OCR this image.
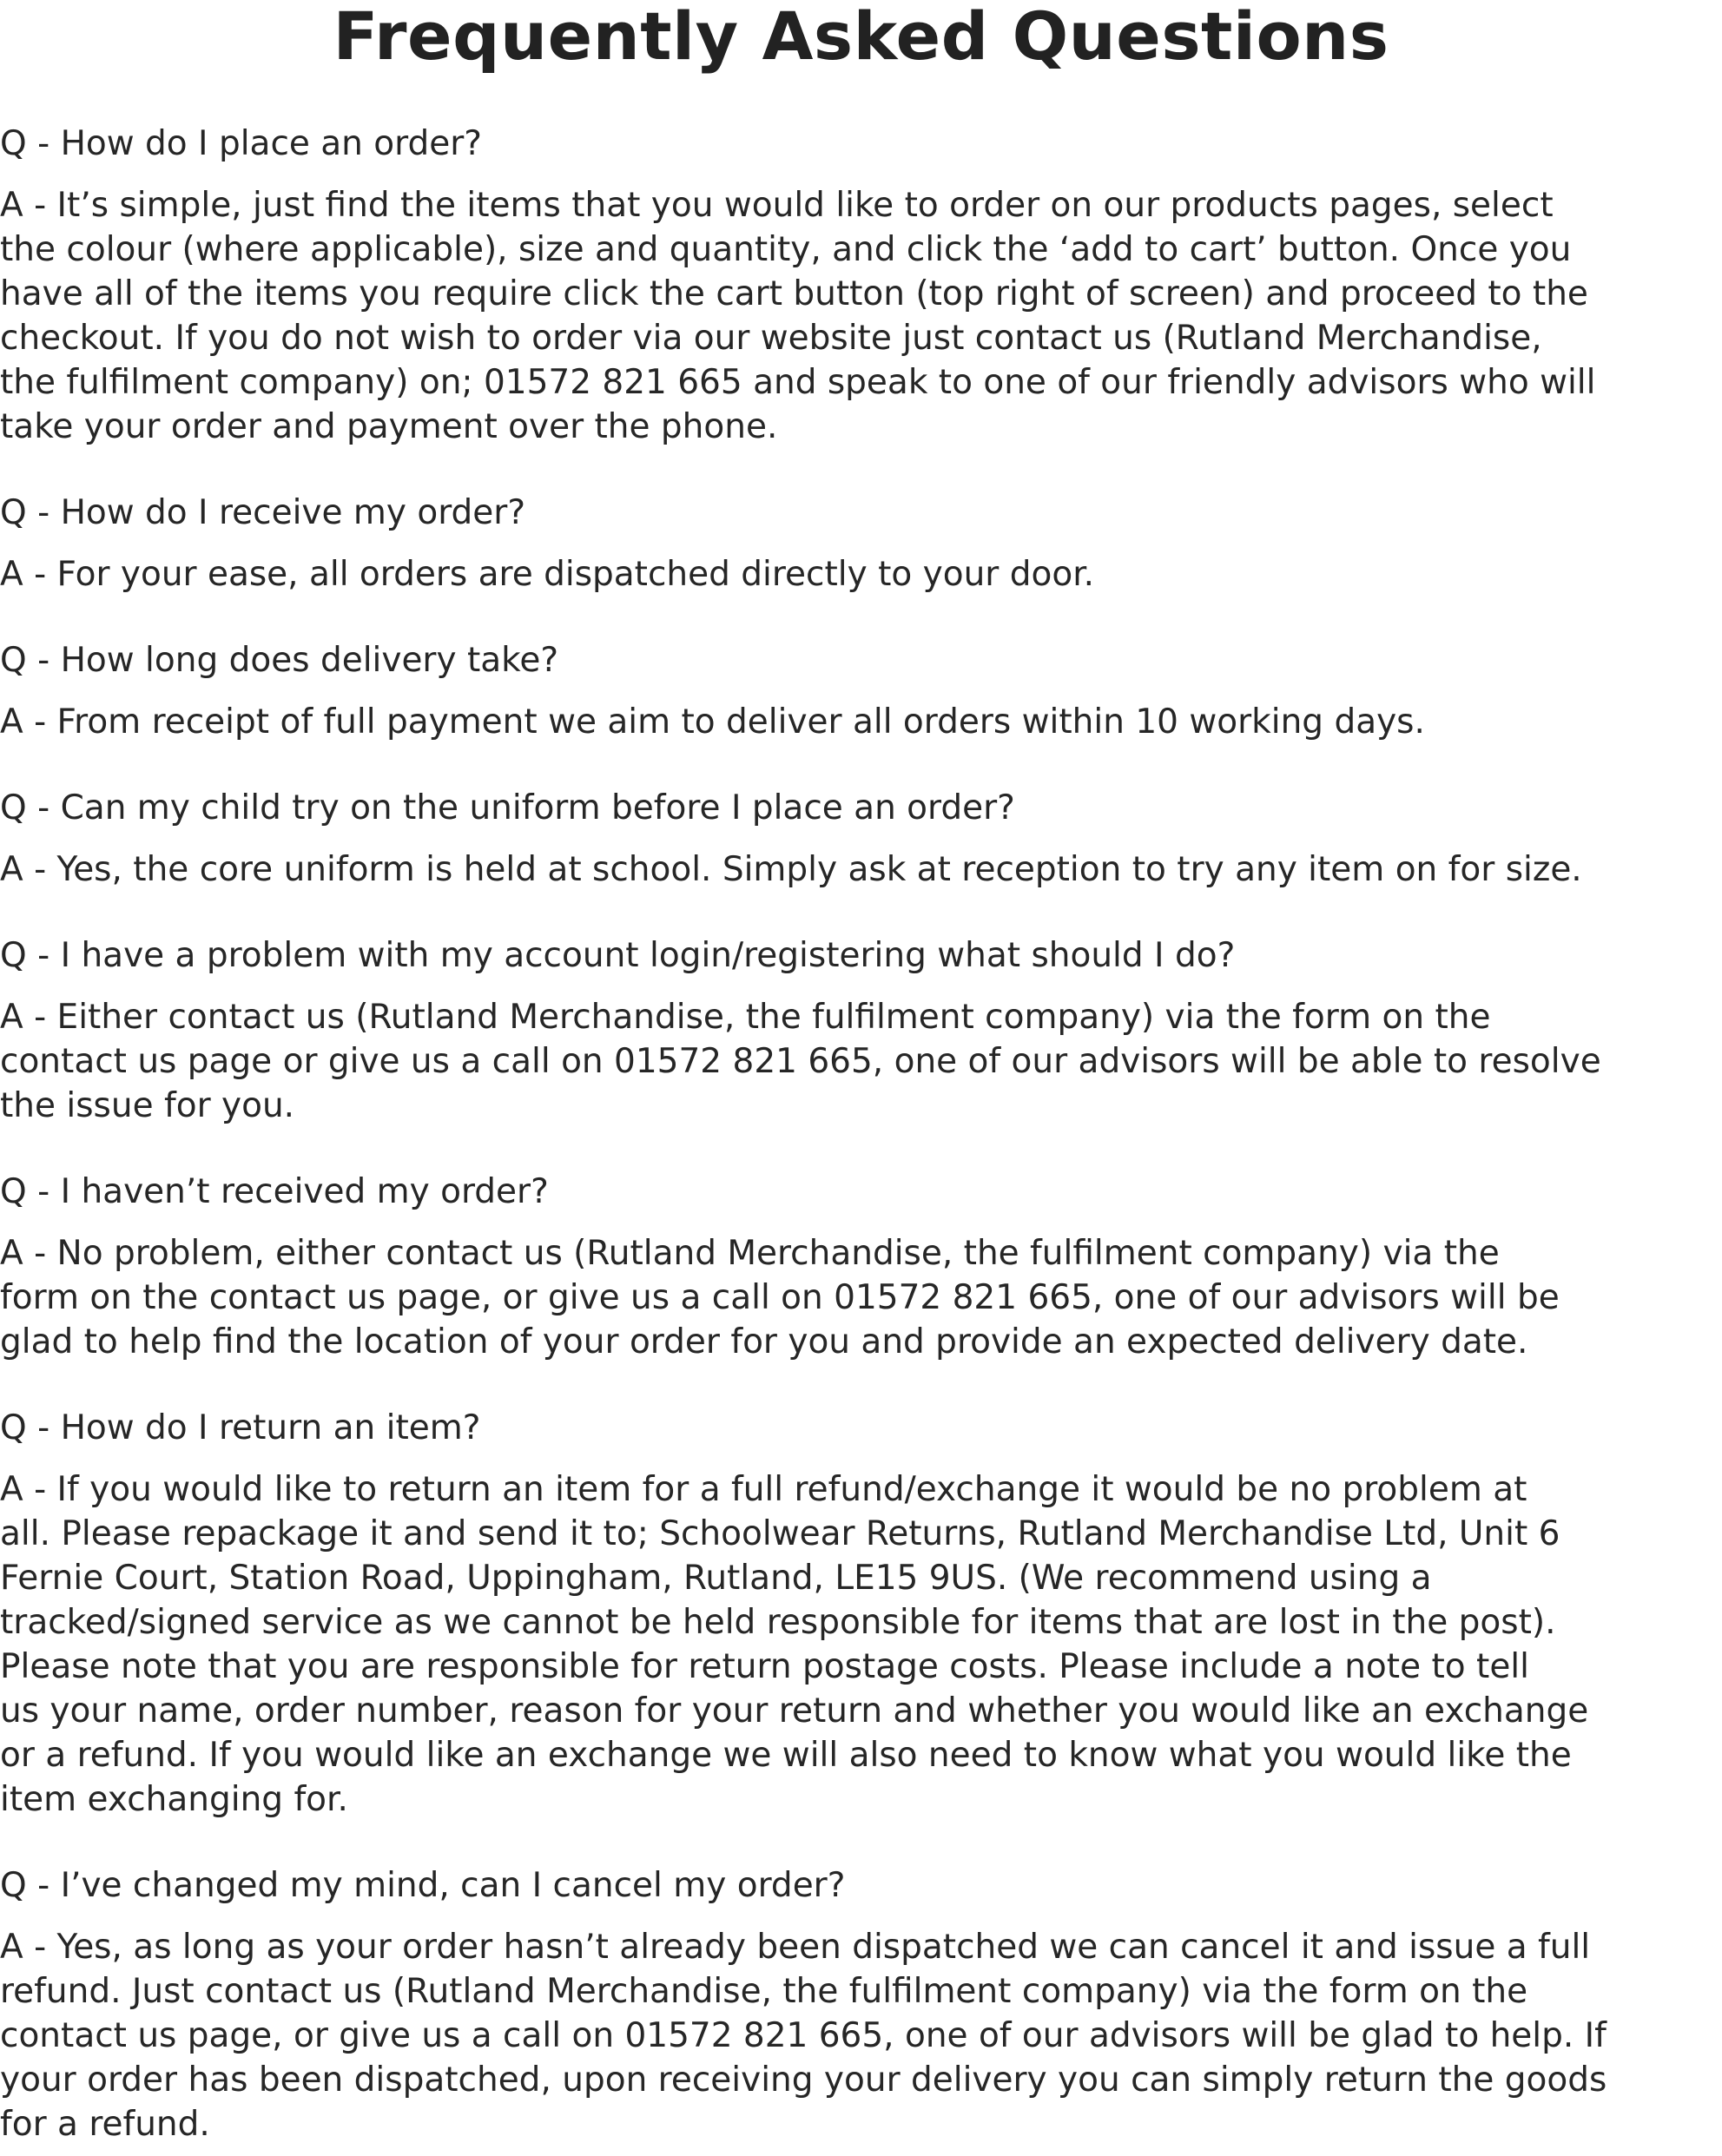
Frequently Asked Questions

Q - How do I place an order?

A - It’s simple, just find the items that you would like to order on our products pages, select
the colour (where applicable), size and quantity, and click the ‘add to cart’ button. Once you
have all of the items you require click the cart button (top right of screen) and proceed to the
checkout. If you do not wish to order via our website just contact us (Rutland Merchandise,
the fulfilment company) on; 01572 821 665 and speak to one of our friendly advisors who will
take your order and payment over the phone.

Q - How do I receive my order?

A - For your ease, all orders are dispatched directly to your door.

Q - How long does delivery take?

A - From receipt of full payment we aim to deliver all orders within 10 working days.

Q - Can my child try on the uniform before I place an order?

A - Yes, the core uniform is held at school. Simply ask at reception to try any item on for size.

Q - I have a problem with my account login/registering what should I do?

A - Either contact us (Rutland Merchandise, the fulfilment company) via the form on the
contact us page or give us a call on 01572 821 665, one of our advisors will be able to resolve
the issue for you.

Q - I haven’t received my order?

A - No problem, either contact us (Rutland Merchandise, the fulfilment company) via the
form on the contact us page, or give us a call on 01572 821 665, one of our advisors will be
glad to help find the location of your order for you and provide an expected delivery date.

Q - How do I return an item?

A - If you would like to return an item for a full refund/exchange it would be no problem at
all. Please repackage it and send it to; Schoolwear Returns, Rutland Merchandise Ltd, Unit 6
Fernie Court, Station Road, Uppingham, Rutland, LE15 9US. (We recommend using a
tracked/signed service as we cannot be held responsible for items that are lost in the post).
Please note that you are responsible for return postage costs. Please include a note to tell
us your name, order number, reason for your return and whether you would like an exchange
or a refund. If you would like an exchange we will also need to know what you would like the
item exchanging for.

Q - I’ve changed my mind, can I cancel my order?

A - Yes, as long as your order hasn’t already been dispatched we can cancel it and issue a full
refund. Just contact us (Rutland Merchandise, the fulfilment company) via the form on the
contact us page, or give us a call on 01572 821 665, one of our advisors will be glad to help. If
your order has been dispatched, upon receiving your delivery you can simply return the goods
for a refund.
